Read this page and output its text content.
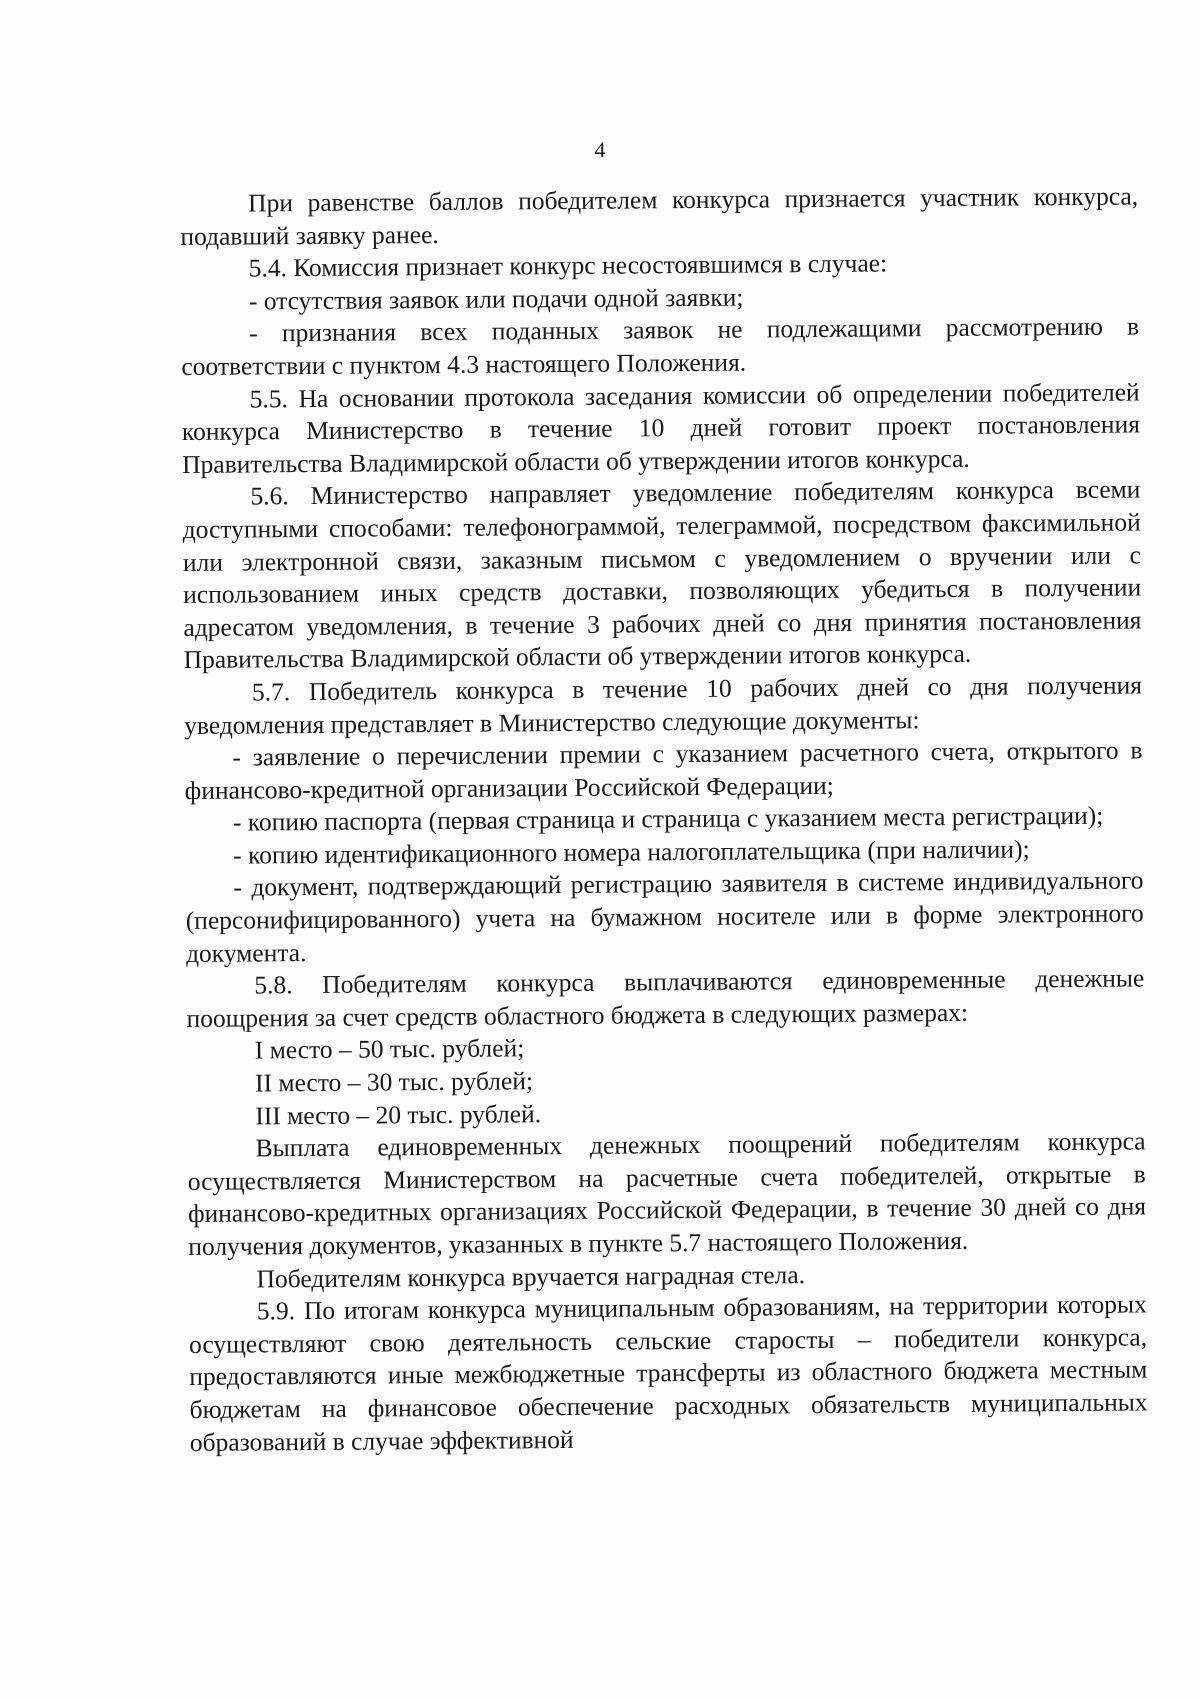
4

При равенстве баллов победителем конкурса признается участник конкурса, подавший заявку ранее.

5.4. Комиссия признает конкурс несостоявшимся в случае:

- отсутствия заявок или подачи одной заявки;

- признания всех поданных заявок не подлежащими рассмотрению в соответствии с пунктом 4.3 настоящего Положения.

5.5. На основании протокола заседания комиссии об определении победителей конкурса Министерство в течение 10 дней готовит проект постановления Правительства Владимирской области об утверждении итогов конкурса.

5.6. Министерство направляет уведомление победителям конкурса всеми доступными способами: телефонограммой, телеграммой, посредством факсимильной или электронной связи, заказным письмом с уведомлением о вручении или с использованием иных средств доставки, позволяющих убедиться в получении адресатом уведомления, в течение 3 рабочих дней со дня принятия постановления Правительства Владимирской области об утверждении итогов конкурса.

5.7. Победитель конкурса в течение 10 рабочих дней со дня получения уведомления представляет в Министерство следующие документы:

- заявление о перечислении премии с указанием расчетного счета, открытого в финансово-кредитной организации Российской Федерации;

- копию паспорта (первая страница и страница с указанием места регистрации);

- копию идентификационного номера налогоплательщика (при наличии);

- документ, подтверждающий регистрацию заявителя в системе индивидуального (персонифицированного) учета на бумажном носителе или в форме электронного документа.

5.8. Победителям конкурса выплачиваются единовременные денежные поощрения за счет средств областного бюджета в следующих размерах:

I место – 50 тыс. рублей;

II место – 30 тыс. рублей;

III место – 20 тыс. рублей.

Выплата единовременных денежных поощрений победителям конкурса осуществляется Министерством на расчетные счета победителей, открытые в финансово-кредитных организациях Российской Федерации, в течение 30 дней со дня получения документов, указанных в пункте 5.7 настоящего Положения.

Победителям конкурса вручается наградная стела.

5.9. По итогам конкурса муниципальным образованиям, на территории которых осуществляют свою деятельность сельские старосты – победители конкурса, предоставляются иные межбюджетные трансферты из областного бюджета местным бюджетам на финансовое обеспечение расходных обязательств муниципальных образований в случае эффективной
